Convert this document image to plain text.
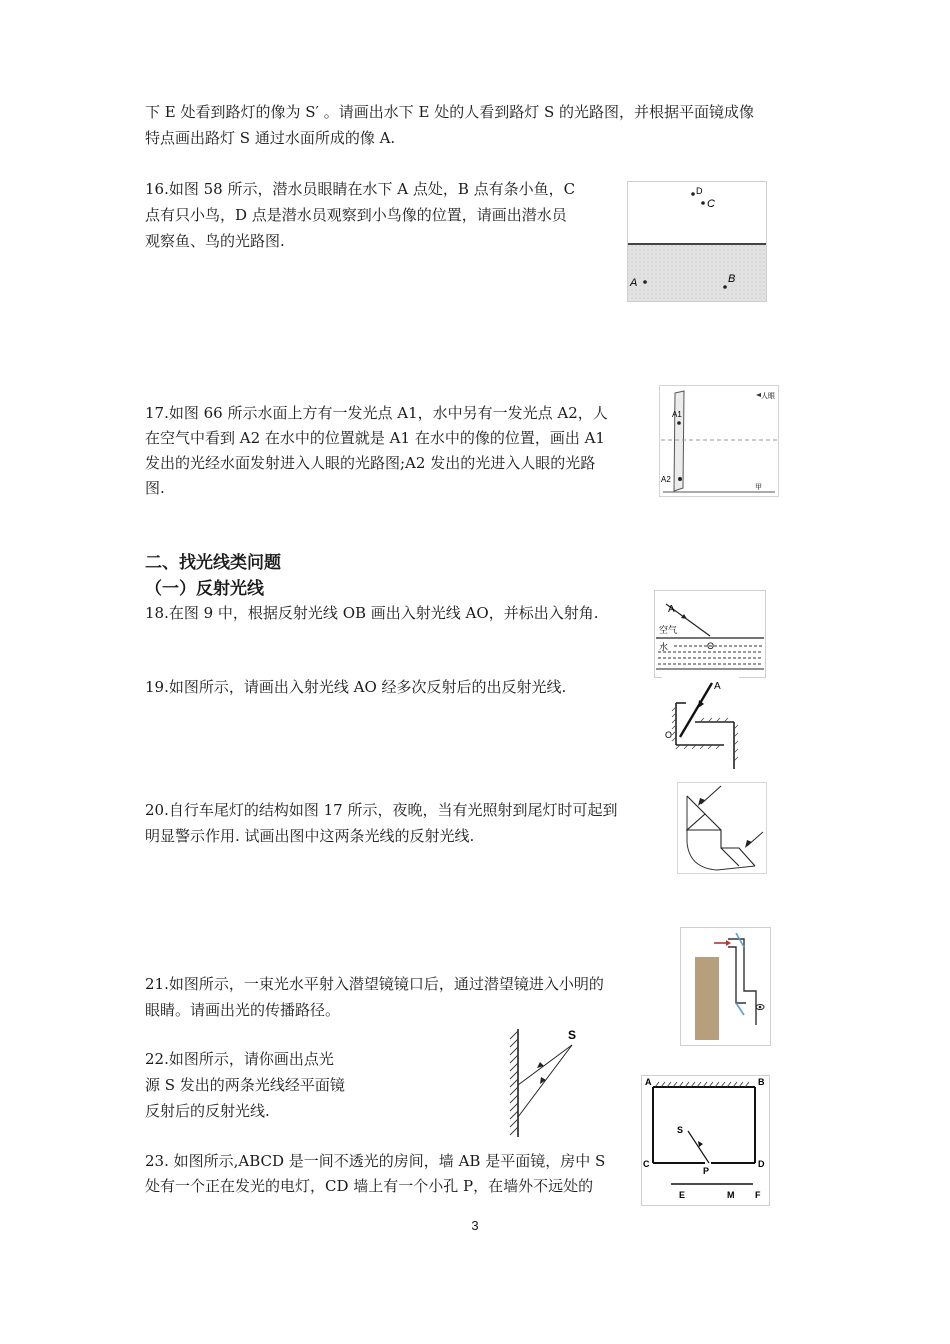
下 E 处看到路灯的像为 S′ 。请画出水下 E 处的人看到路灯 S 的光路图，并根据平面镜成像

特点画出路灯 S 通过水面所成的像 A.

16.如图 58 所示，潜水员眼睛在水下 A 点处，B 点有条小鱼，C

点有只小鸟，D 点是潜水员观察到小鸟像的位置，请画出潜水员

观察鱼、鸟的光路图.

17.如图 66 所示水面上方有一发光点 A1，水中另有一发光点 A2，人

在空气中看到 A2 在水中的位置就是 A1 在水中的像的位置，画出 A1

发出的光经水面发射进入人眼的光路图;A2 发出的光进入人眼的光路

图.

二、找光线类问题

（一）反射光线

18.在图 9 中，根据反射光线 OB 画出入射光线 AO，并标出入射角.

19.如图所示，请画出入射光线 AO 经多次反射后的出反射光线.

20.自行车尾灯的结构如图 17 所示，夜晚，当有光照射到尾灯时可起到

明显警示作用. 试画出图中这两条光线的反射光线.

21.如图所示，一束光水平射入潜望镜镜口后，通过潜望镜进入小明的

眼睛。请画出光的传播路径。

22.如图所示，请你画出点光

源 S 发出的两条光线经平面镜

反射后的反射光线.

23. 如图所示,ABCD 是一间不透光的房间，墙 AB 是平面镜，房中 S

处有一个正在发光的电灯，CD 墙上有一个小孔 P，在墙外不远处的

D
C
A	B
A1
A2
人眼
甲
A
空气
水	O
A
O
S
A	B
C	D
S
P
E	M F
3
